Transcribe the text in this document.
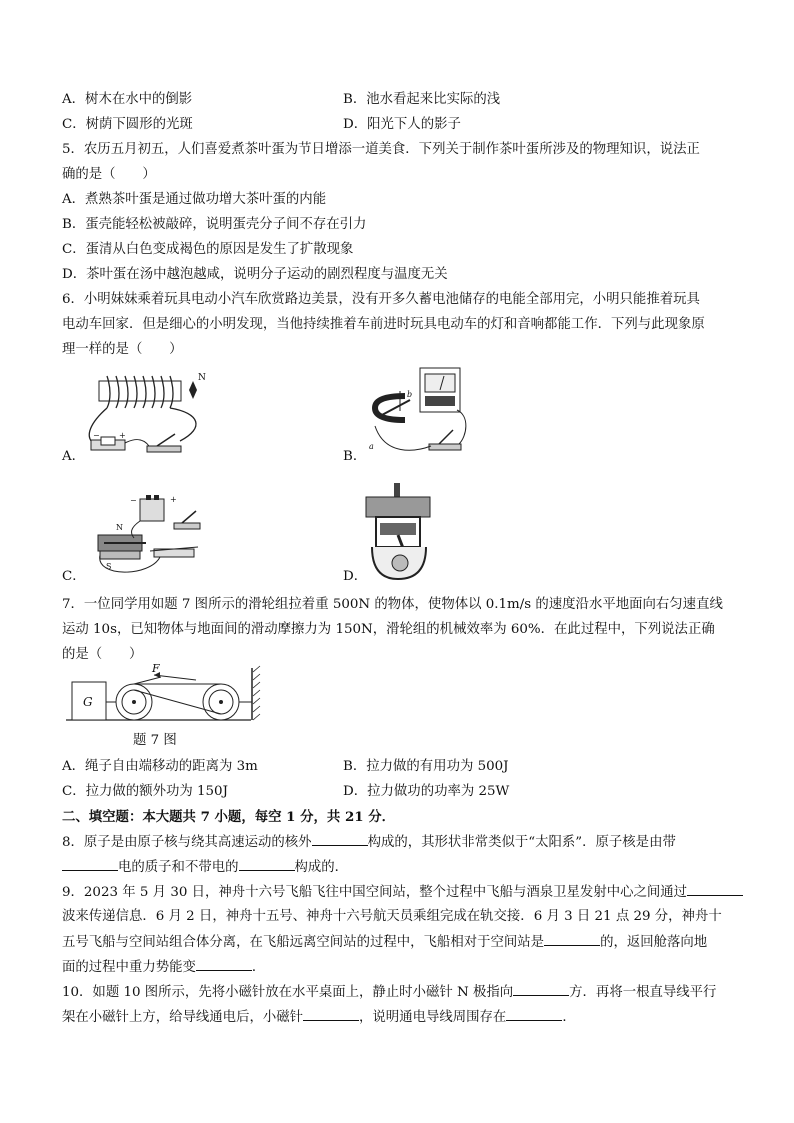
A．树木在水中的倒影	B．池水看起来比实际的浅
C．树荫下圆形的光斑	D．阳光下人的影子
5．农历五月初五，人们喜爱煮茶叶蛋为节日增添一道美食．下列关于制作茶叶蛋所涉及的物理知识，说法正
确的是（　　）
A．煮熟茶叶蛋是通过做功增大茶叶蛋的内能
B．蛋壳能轻松被敲碎，说明蛋壳分子间不存在引力
C．蛋清从白色变成褐色的原因是发生了扩散现象
D．茶叶蛋在汤中越泡越咸，说明分子运动的剧烈程度与温度无关
6．小明妹妹乘着玩具电动小汽车欣赏路边美景，没有开多久蓄电池储存的电能全部用完，小明只能推着玩具
电动车回家．但是细心的小明发现，当他持续推着车前进时玩具电动车的灯和音响都能工作．下列与此现象原
理一样的是（　　）
A．
N
− +
B．
b
a
C．
−	+
N
S
D．
7．一位同学用如题 7 图所示的滑轮组拉着重 500N 的物体，使物体以 0.1m/s 的速度沿水平地面向右匀速直线
运动 10s，已知物体与地面间的滑动摩擦力为 150N，滑轮组的机械效率为 60%．在此过程中，下列说法正确
的是（　　）
G
F
题 7 图
A．绳子自由端移动的距离为 3m	B．拉力做的有用功为 500J
C．拉力做的额外功为 150J	D．拉力做功的功率为 25W
二、填空题：本大题共 7 小题，每空 1 分，共 21 分．
8．原子是由原子核与绕其高速运动的核外	构成的，其形状非常类似于“太阳系”．原子核是由带
电的质子和不带电的	构成的．
9．2023 年 5 月 30 日，神舟十六号飞船飞往中国空间站，整个过程中飞船与酒泉卫星发射中心之间通过
波来传递信息．6 月 2 日，神舟十五号、神舟十六号航天员乘组完成在轨交接．6 月 3 日 21 点 29 分，神舟十
五号飞船与空间站组合体分离，在飞船远离空间站的过程中，飞船相对于空间站是	的，返回舱落向地
面的过程中重力势能变	．
10．如题 10 图所示，先将小磁针放在水平桌面上，静止时小磁针 N 极指向	方．再将一根直导线平行
架在小磁针上方，给导线通电后，小磁针	，说明通电导线周围存在	．
